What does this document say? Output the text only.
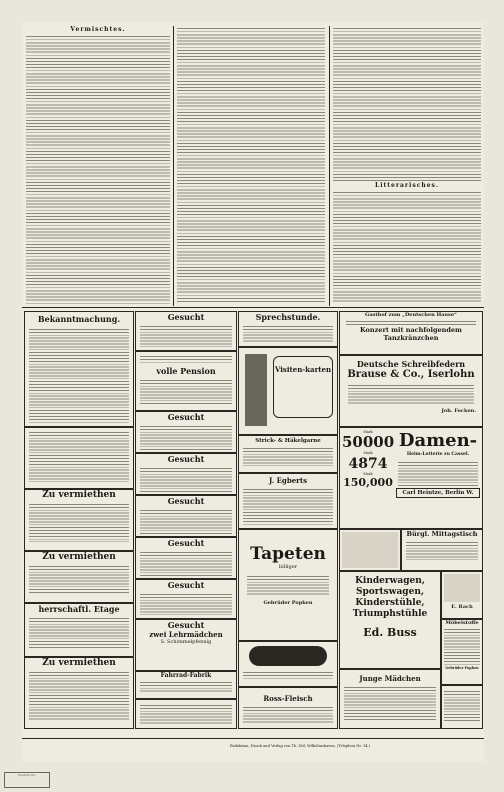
Vermischtes.
Litterarisches.
Bekanntmachung.
Zu vermiethen
Zu vermiethen
herrschaftl. Etage
Zu vermiethen
Gesucht
volle Pension
Gesucht
Gesucht
Gesucht
Gesucht
Gesucht
Gesucht
zwei Lehrmädchen
S. Schimmelpfennig
Fahrrad-Fabrik
Sprechstunde.
Visiten-karten
Strick- & Häkelgarne
J. Egberts
Tapeten
billiger
Gebrüder Popken
Ross-Fleisch
Gasthof zum „Deutschen Hause“
Konzert mit nachfolgendem Tanzkränzchen
Deutsche Schreibfedern
Brause & Co., Iserlohn
Joh. Focken.
Mark
50000
Mark
4874
Mark
150,000
Damen-
Heim-Lotterie zu Cassel.
Carl Heintze, Berlin W.
Bürgl. Mittagstisch
Kinderwagen, Sportswagen, Kinderstühle, Triumphstühle
Ed. Buss
E. Rach
Möbelstoffe
Gebrüder Popken
Junge Mädchen
Redaktion, Druck und Verlag von Th. Stil, Wilhelmshaven. (Telephon Nr. 14.)
Stadtarchiv
